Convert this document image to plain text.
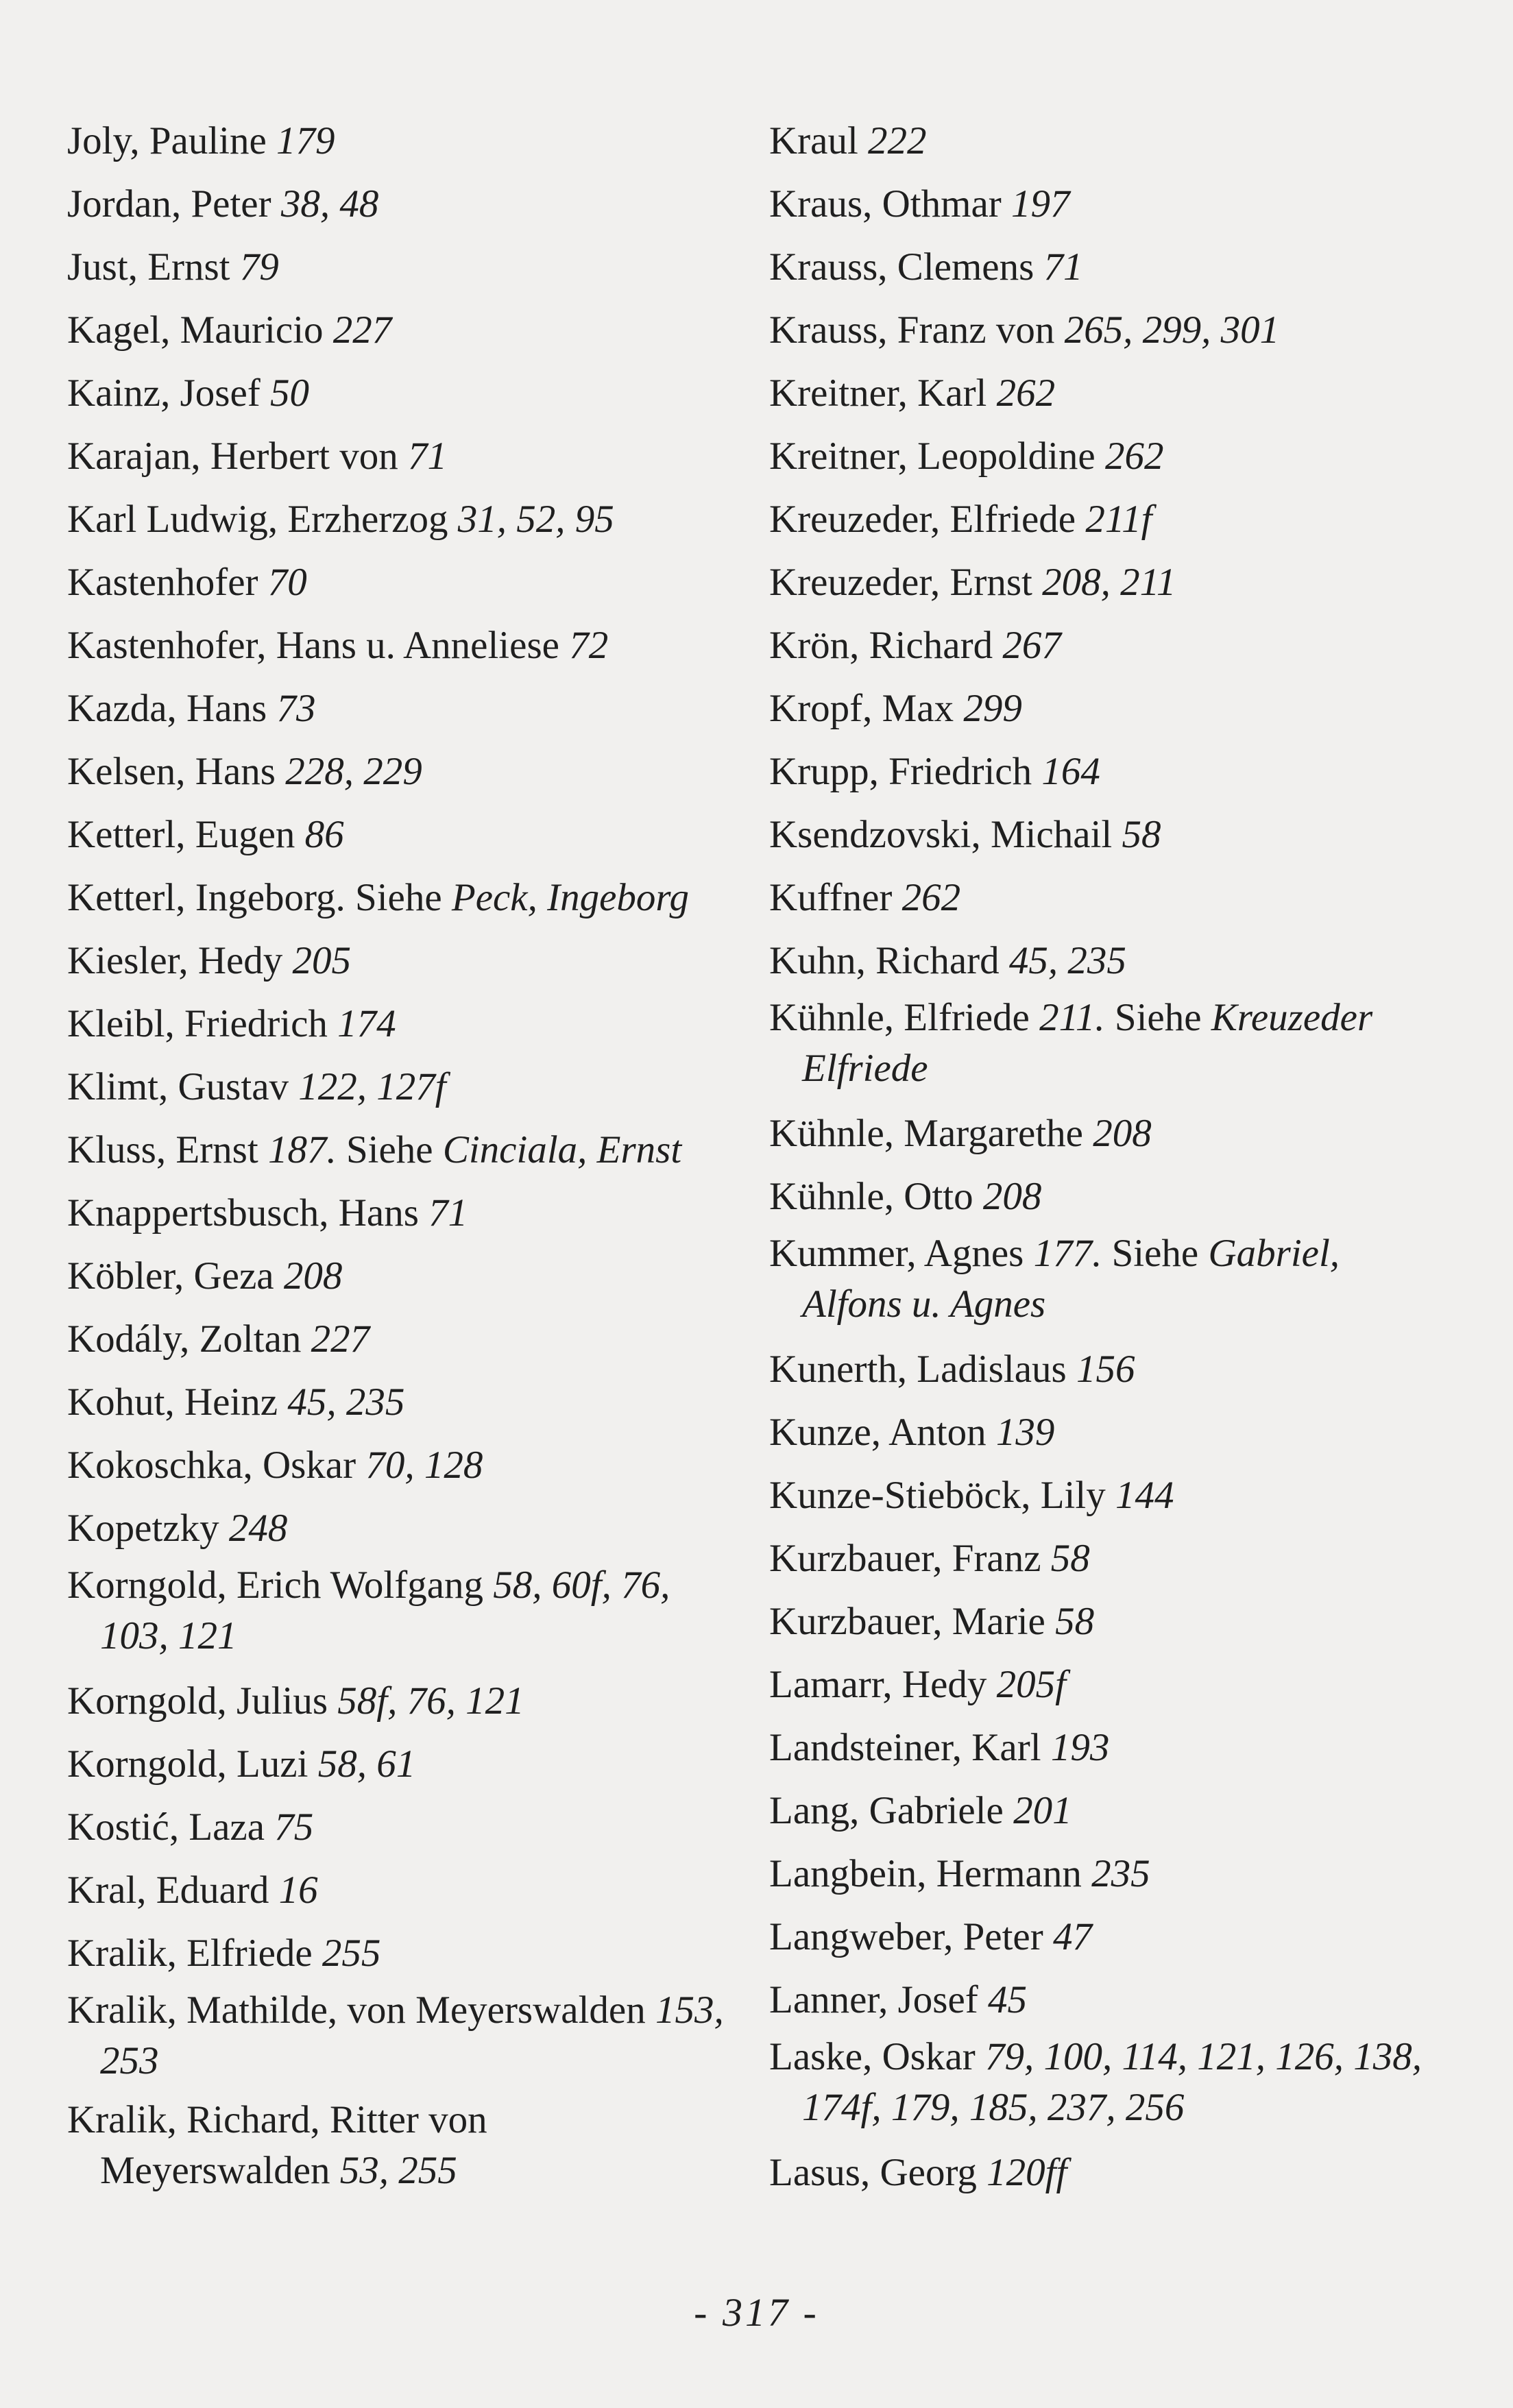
Joly, Pauline 179

Jordan, Peter 38, 48

Just, Ernst 79

Kagel, Mauricio 227

Kainz, Josef 50

Karajan, Herbert von 71

Karl Ludwig, Erzherzog 31, 52, 95

Kastenhofer 70

Kastenhofer, Hans u. Anneliese 72

Kazda, Hans 73

Kelsen, Hans 228, 229

Ketterl, Eugen 86

Ketterl, Ingeborg. Siehe Peck, Ingeborg

Kiesler, Hedy 205

Kleibl, Friedrich 174

Klimt, Gustav 122, 127f

Kluss, Ernst 187. Siehe Cinciala, Ernst

Knappertsbusch, Hans 71

Köbler, Geza 208

Kodály, Zoltan 227

Kohut, Heinz 45, 235

Kokoschka, Oskar 70, 128

Kopetzky 248

Korngold, Erich Wolfgang 58, 60f, 76, 103, 121

Korngold, Julius 58f, 76, 121

Korngold, Luzi 58, 61

Kostić, Laza 75

Kral, Eduard 16

Kralik, Elfriede 255

Kralik, Mathilde, von Meyerswalden 153, 253

Kralik, Richard, Ritter von Meyerswalden 53, 255

Kraul 222

Kraus, Othmar 197

Krauss, Clemens 71

Krauss, Franz von 265, 299, 301

Kreitner, Karl 262

Kreitner, Leopoldine 262

Kreuzeder, Elfriede 211f

Kreuzeder, Ernst 208, 211

Krön, Richard 267

Kropf, Max 299

Krupp, Friedrich 164

Ksendzovski, Michail 58

Kuffner 262

Kuhn, Richard 45, 235

Kühnle, Elfriede 211. Siehe Kreuzeder Elfriede

Kühnle, Margarethe 208

Kühnle, Otto 208

Kummer, Agnes 177. Siehe Gabriel, Alfons u. Agnes

Kunerth, Ladislaus 156

Kunze, Anton 139

Kunze-Stieböck, Lily 144

Kurzbauer, Franz 58

Kurzbauer, Marie 58

Lamarr, Hedy 205f

Landsteiner, Karl 193

Lang, Gabriele 201

Langbein, Hermann 235

Langweber, Peter 47

Lanner, Josef 45

Laske, Oskar 79, 100, 114, 121, 126, 138, 174f, 179, 185, 237, 256

Lasus, Georg 120ff

- 317 -
